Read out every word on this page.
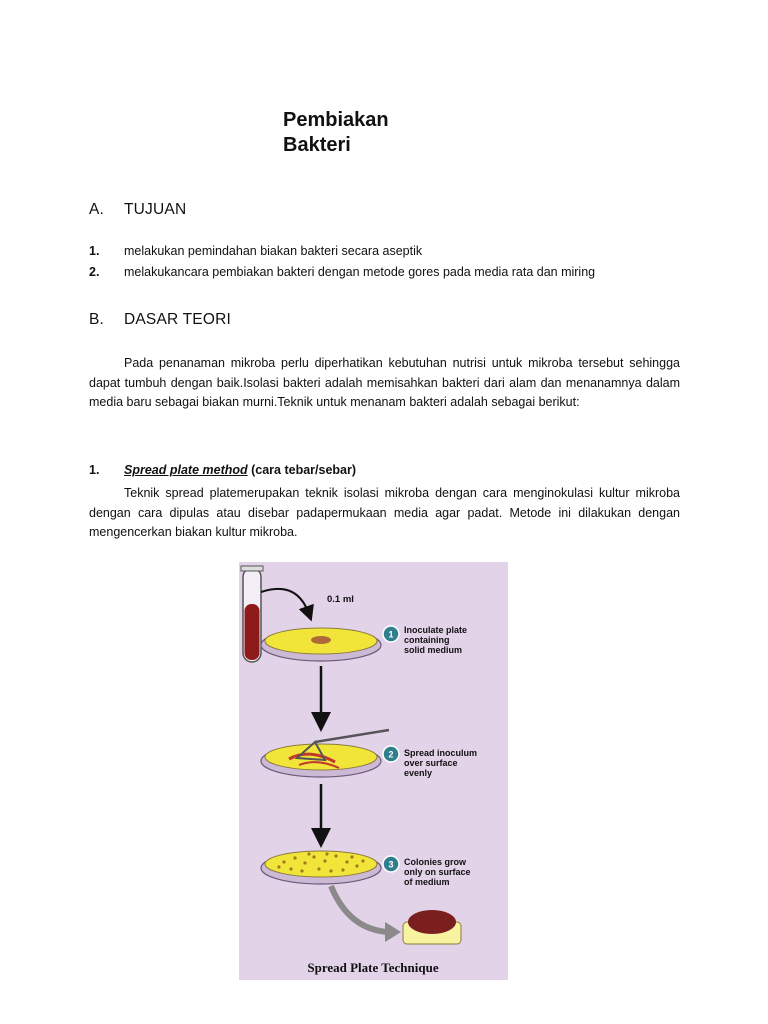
Pembiakan
Bakteri
A. TUJUAN
1. melakukan pemindahan biakan bakteri secara aseptik
2. melakukancara pembiakan bakteri dengan metode gores pada media rata dan miring
B. DASAR TEORI

Pada penanaman mikroba perlu diperhatikan kebutuhan nutrisi untuk mikroba tersebut sehingga dapat tumbuh dengan baik.Isolasi bakteri adalah memisahkan bakteri dari alam dan menanamnya dalam media baru sebagai biakan murni.Teknik untuk menanam bakteri adalah sebagai berikut:

1. Spread plate method (cara tebar/sebar)

Teknik spread platemerupakan teknik isolasi mikroba dengan cara menginokulasi kultur mikroba dengan cara dipulas atau disebar padapermukaan media agar padat. Metode ini dilakukan dengan mengencerkan biakan kultur mikroba.

0.1 ml
1 Inoculate plate
containing
solid medium
2 Spread inoculum
over surface
evenly
3 Colonies grow
only on surface
of medium
Spread Plate Technique
